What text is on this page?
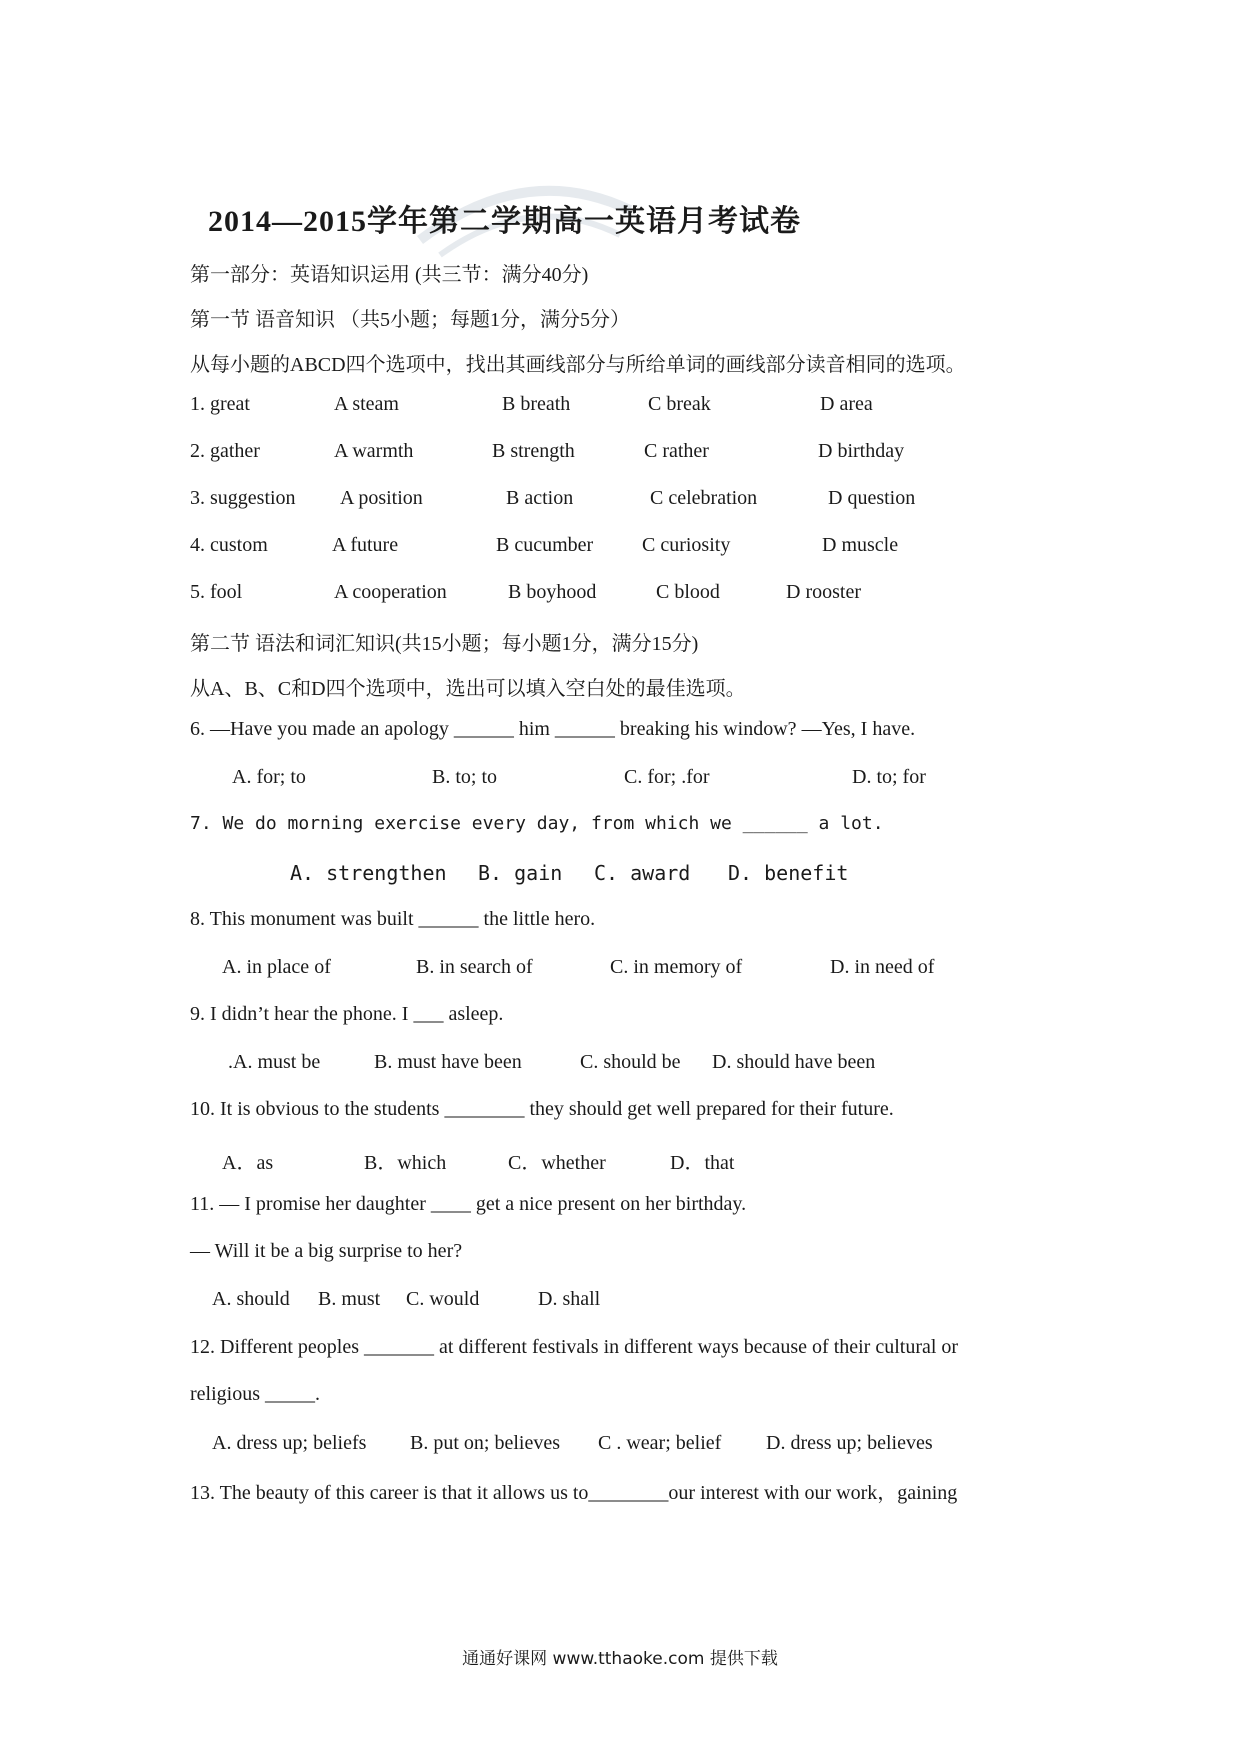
2014—2015学年第二学期高一英语月考试卷
第一部分：英语知识运用 (共三节：满分40分)
第一节 语音知识 （共5小题；每题1分，满分5分）
从每小题的ABCD四个选项中，找出其画线部分与所给单词的画线部分读音相同的选项。
1. great	A steam	B breath	C break	D area
2. gather	A warmth	B strength	C rather	D birthday
3. suggestion A position	B action	C celebration	D question
4. custom	A future	B cucumber C curiosity	D muscle
5. fool	A cooperation	B boyhood	C blood	D rooster
第二节 语法和词汇知识(共15小题；每小题1分，满分15分)
从A、B、C和D四个选项中，选出可以填入空白处的最佳选项。
6. —Have you made an apology ______ him ______ breaking his window? —Yes, I have.
A. for; to	B. to; to	C. for; .for	D. to; for
7. We do morning exercise every day, from which we ______ a lot.
A. strengthen B. gain C. award D. benefit
8. This monument was built ______ the little hero.
A. in place of	B. in search of	C. in memory of	D. in need of
9. I didn’t hear the phone. I ___ asleep.
.A. must be	B. must have been	C. should be D. should have been
10. It is obvious to the students ________ they should get well prepared for their future.
A．as	B．which	C．whether	D．that
11. — I promise her daughter ____ get a nice present on her birthday.
— Will it be a big surprise to her?
A. should B. must C. would	D. shall
12. Different peoples _______ at different festivals in different ways because of their cultural or
religious _____.
A. dress up; beliefs B. put on; believes C . wear; belief D. dress up; believes
13. The beauty of this career is that it allows us to________our interest with our work，gaining
通通好课网 www.tthaoke.com 提供下载
